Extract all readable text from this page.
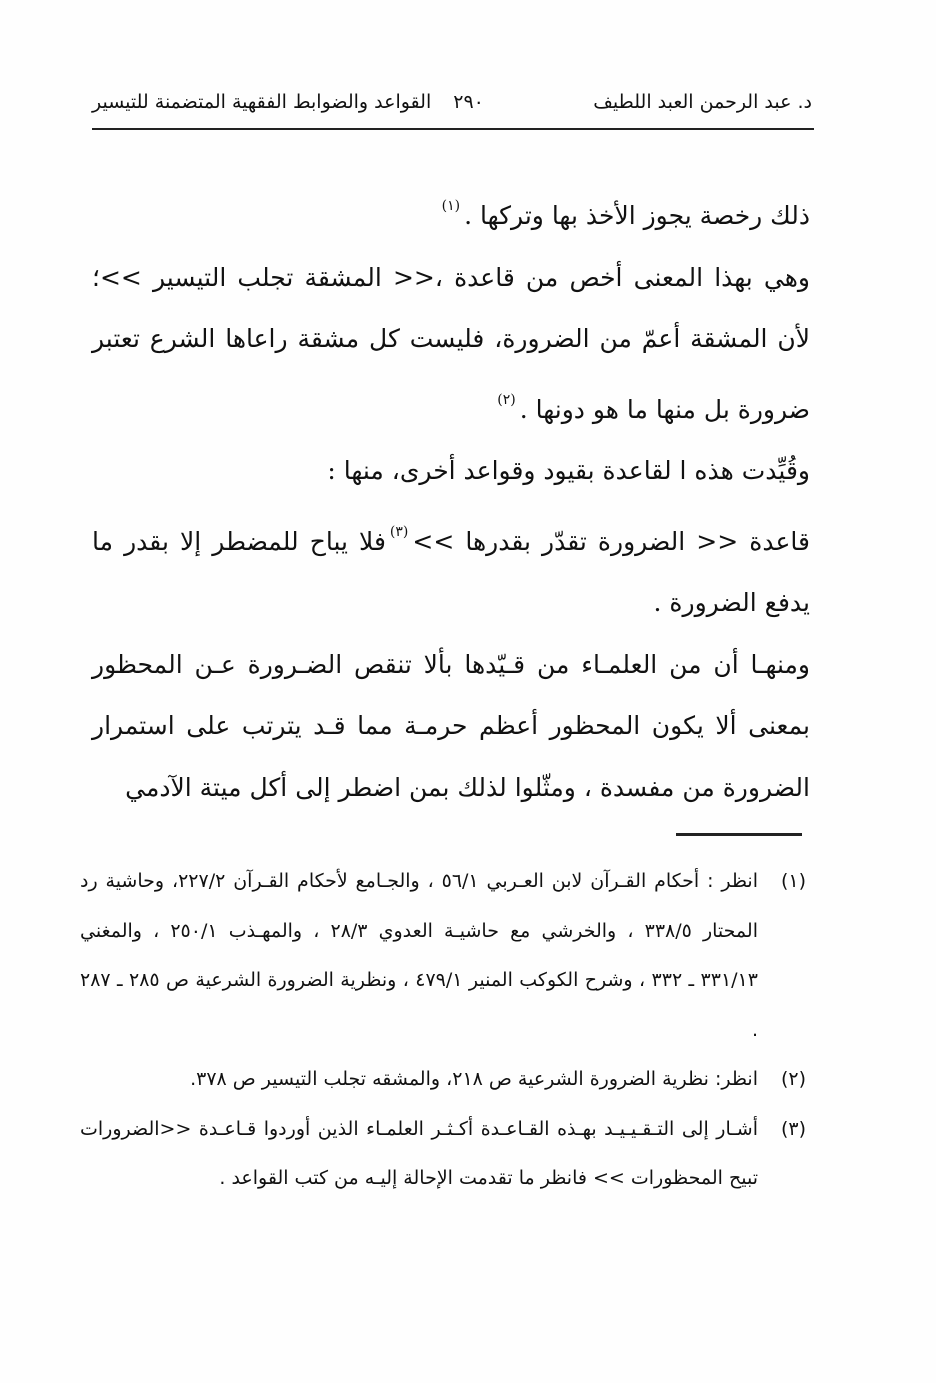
٢٩٠
القواعد والضوابط الفقهية المتضمنة للتيسير	د. عبد الرحمن العبد اللطيف

ذلك رخصة يجوز الأخذ بها وتركها .$^{(١)}$

وهي بهذا المعنى أخص من قاعدة ،<< المشقة تجلب التيسير >>؛ لأن المشقة أعمّ من الضرورة، فليست كل مشقة راعاها الشرع تعتبر ضرورة بل منها ما هو دونها .$^{(٢)}$

وقُيِّدت هذه ا لقاعدة بقيود وقواعد أخرى، منها :

قاعدة << الضرورة تقدّر بقدرها >>$^{(٣)}$فلا يباح للمضطر إلا بقدر ما يدفع الضرورة .

ومنهـا أن من العلمـاء من قـيّدها بألا تنقص الضـرورة عـن المحظور بمعنى ألا يكون المحظور أعظم حرمـة مما قـد يترتب على استمرار الضرورة من مفسدة ، ومثّلوا لذلك بمن اضطر إلى أكل ميتة الآدمي

(١)
انظر : أحكام القـرآن لابن العـربي ٥٦/١ ، والجـامع لأحكام القـرآن ٢٢٧/٢، وحاشية رد المحتار ٣٣٨/٥ ، والخرشي مع حاشيـة العدوي ٢٨/٣ ، والمهـذب ٢٥٠/١ ، والمغني ٣٣١/١٣ ـ ٣٣٢ ، وشرح الكوكب المنير ٤٧٩/١ ، ونظرية الضرورة الشرعية ص ٢٨٥ ـ ٢٨٧ .
(٢)
انظر: نظرية الضرورة الشرعية ص ٢١٨، والمشقه تجلب التيسير ص ٣٧٨.
(٣)
أشـار إلى التـقـيـيـد بهـذه القـاعـدة أكـثـر العلمـاء الذين أوردوا قـاعـدة <<الضرورات تبيح المحظورات >> فانظر ما تقدمت الإحالة إليـه من كتب القواعد .
